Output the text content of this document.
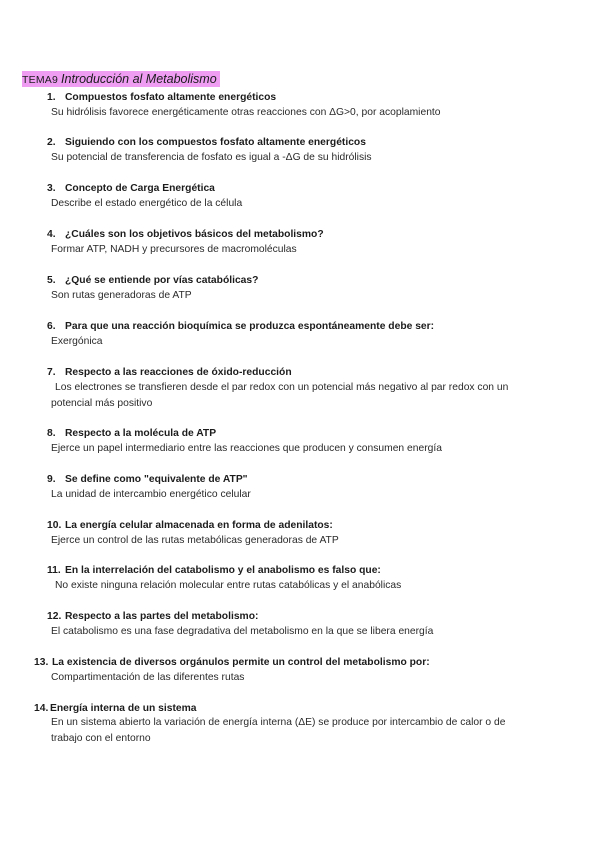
TEMA9 Introducción al Metabolismo
1. Compuestos fosfato altamente energéticos
Su hidrólisis favorece energéticamente otras reacciones con ΔG>0, por acoplamiento
2. Siguiendo con los compuestos fosfato altamente energéticos
Su potencial de transferencia de fosfato es igual a -ΔG de su hidrólisis
3. Concepto de Carga Energética
Describe el estado energético de la célula
4. ¿Cuáles son los objetivos básicos del metabolismo?
Formar ATP, NADH y precursores de macromoléculas
5. ¿Qué se entiende por vías catabólicas?
Son rutas generadoras de ATP
6. Para que una reacción bioquímica se produzca espontáneamente debe ser:
Exergónica
7. Respecto a las reacciones de óxido-reducción
Los electrones se transfieren desde el par redox con un potencial más negativo al par redox con un potencial más positivo
8. Respecto a la molécula de ATP
Ejerce un papel intermediario entre las reacciones que producen y consumen energía
9. Se define como "equivalente de ATP"
La unidad de intercambio energético celular
10. La energía celular almacenada en forma de adenilatos:
Ejerce un control de las rutas metabólicas generadoras de ATP
11. En la interrelación del catabolismo y el anabolismo es falso que:
No existe ninguna relación molecular entre rutas catabólicas y el anabólicas
12. Respecto a las partes del metabolismo:
El catabolismo es una fase degradativa del metabolismo en la que se libera energía
13. La existencia de diversos orgánulos permite un control del metabolismo por:
Compartimentación de las diferentes rutas
14. Energía interna de un sistema
En un sistema abierto la variación de energía interna (ΔE) se produce por intercambio de calor o de trabajo con el entorno
